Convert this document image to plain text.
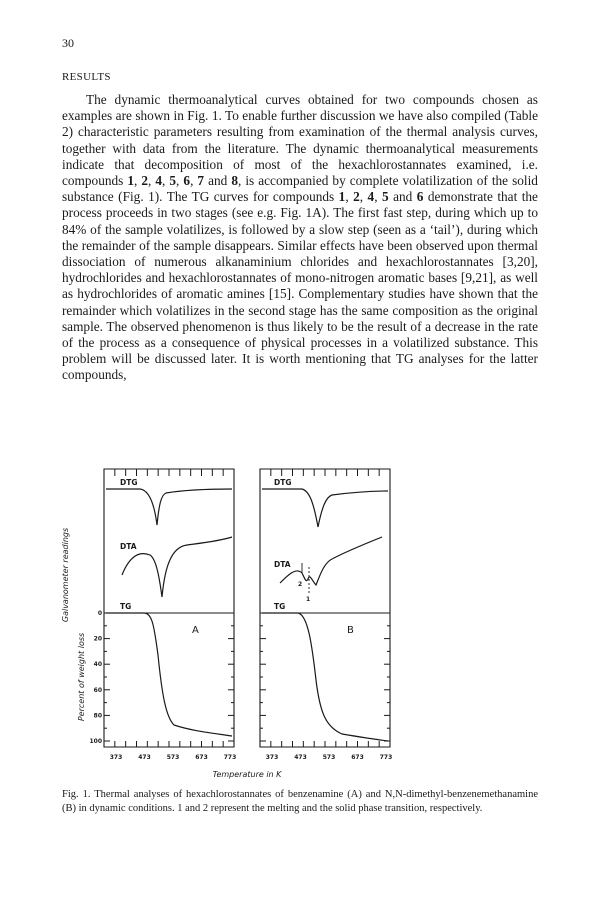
30
RESULTS

The dynamic thermoanalytical curves obtained for two compounds chosen as examples are shown in Fig. 1. To enable further discussion we have also compiled (Table 2) characteristic parameters resulting from examination of the thermal analysis curves, together with data from the literature. The dynamic thermoanalytical measurements indicate that decomposition of most of the hexachlorostannates examined, i.e. compounds 1, 2, 4, 5, 6, 7 and 8, is accompanied by complete volatilization of the solid substance (Fig. 1). The TG curves for compounds 1, 2, 4, 5 and 6 demonstrate that the process proceeds in two stages (see e.g. Fig. 1A). The first fast step, during which up to 84% of the sample volatilizes, is followed by a slow step (seen as a ‘tail’), during which the remainder of the sample disappears. Similar effects have been observed upon thermal dissociation of numerous alkanaminium chlorides and hexachlorostannates [3,20], hydrochlorides and hexachlorostannates of mono-nitrogen aromatic bases [9,21], as well as hydrochlorides of aromatic amines [15]. Complementary studies have shown that the remainder which volatilizes in the second stage has the same composition as the original sample. The observed phenomenon is thus likely to be the result of a decrease in the rate of the process as a consequence of physical processes in a volatilized substance. This problem will be discussed later. It is worth mentioning that TG analyses for the latter compounds,

DTG
DTA
TG
A
DTG
DTA
TG
B
2
1
0
20
40
60
80
100
373	473	573	673	773	373	473	573	673	773
Galvanometer readings
Percent of weight loss
Temperature in K
Fig. 1. Thermal analyses of hexachlorostannates of benzenamine (A) and N,N-dimethyl-benzenemethanamine (B) in dynamic conditions. 1 and 2 represent the melting and the solid phase transition, respectively.
